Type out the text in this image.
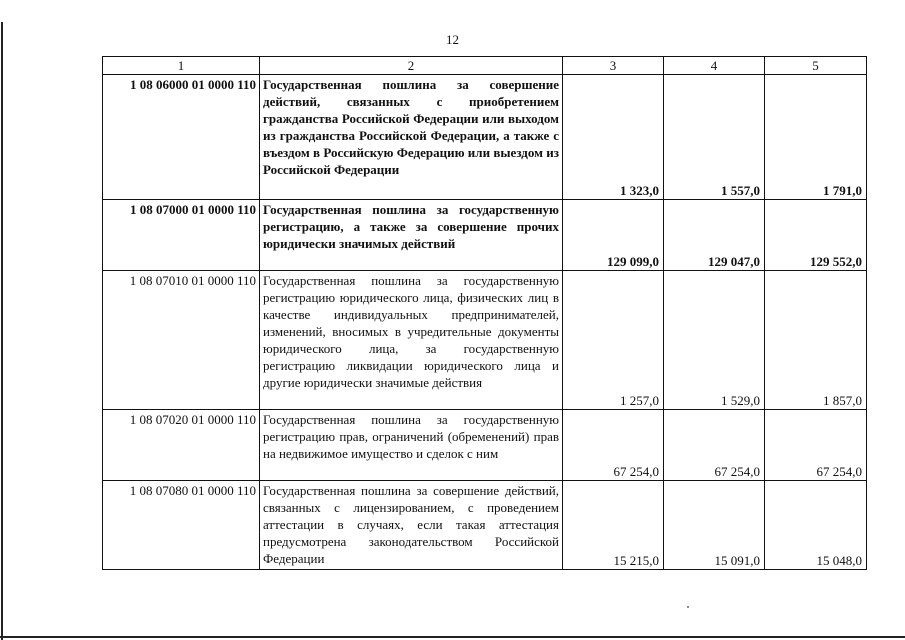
12
1	2	3	4	5
1 08 06000 01 0000 110	Государственная пошлина за совершение действий, связанных с приобретением гражданства Российской Федерации или выходом из гражданства Российской Федерации, а также с въездом в Российскую Федерацию или выездом из Российской Федерации	1 323,0	1 557,0	1 791,0
1 08 07000 01 0000 110	Государственная пошлина за государственную регистрацию, а также за совершение прочих юридически значимых действий	129 099,0	129 047,0	129 552,0
1 08 07010 01 0000 110	Государственная пошлина за государственную регистрацию юридического лица, физических лиц в качестве индивидуальных предпринимателей, изменений, вносимых в учредительные документы юридического лица, за государственную регистрацию ликвидации юридического лица и другие юридически значимые действия	1 257,0	1 529,0	1 857,0
1 08 07020 01 0000 110	Государственная пошлина за государственную регистрацию прав, ограничений (обременений) прав на недвижимое имущество и сделок с ним	67 254,0	67 254,0	67 254,0
1 08 07080 01 0000 110	Государственная пошлина за совершение действий, связанных с лицензированием, с проведением аттестации в случаях, если такая аттестация предусмотрена законодательством Российской Федерации	15 215,0	15 091,0	15 048,0
